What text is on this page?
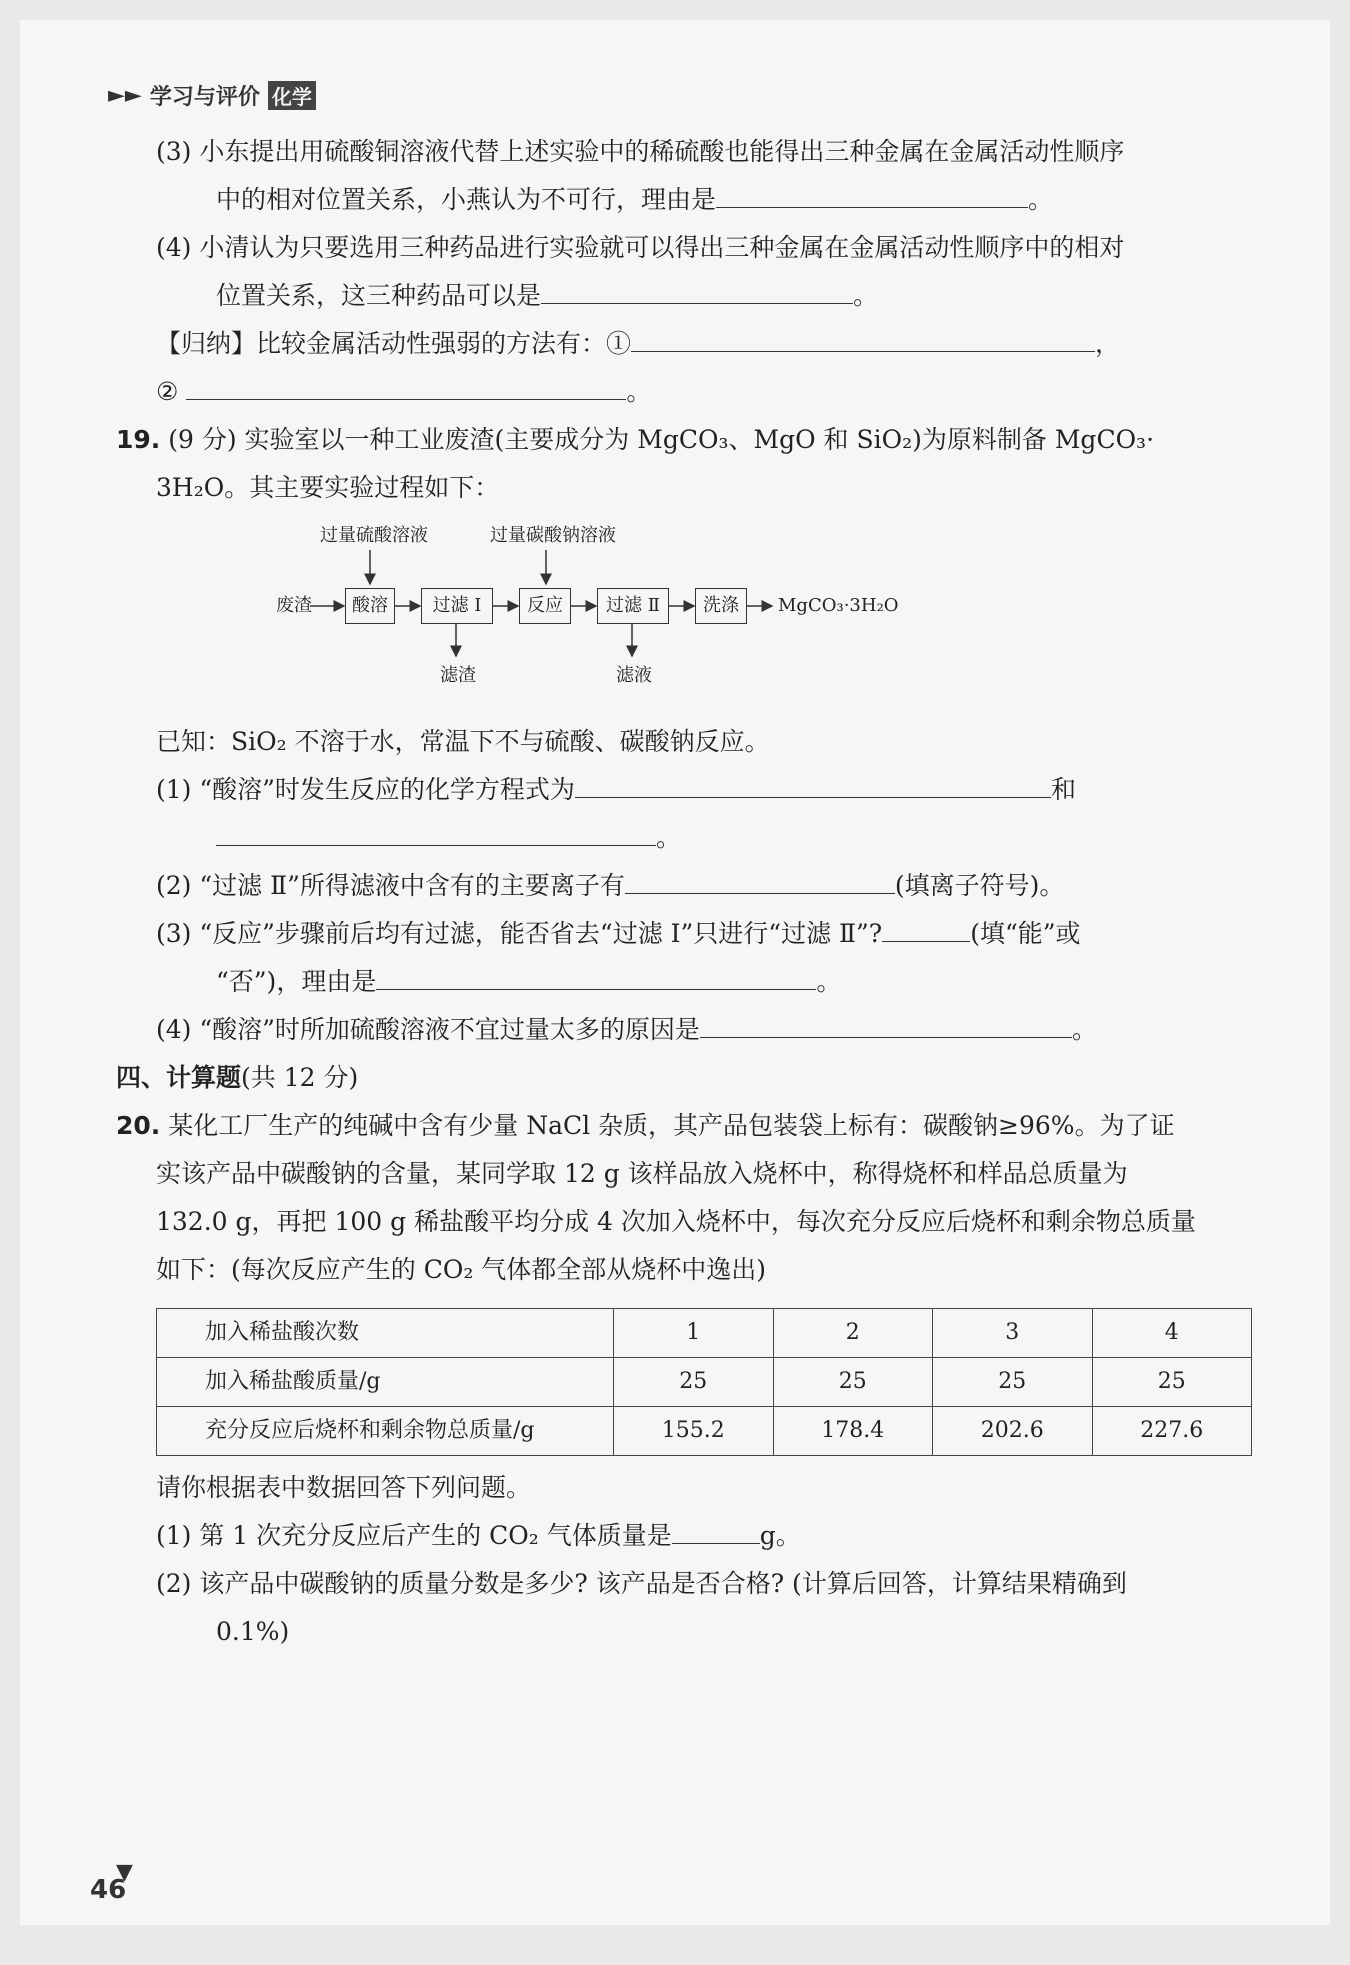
►► 学习与评价 化学
(3) 小东提出用硫酸铜溶液代替上述实验中的稀硫酸也能得出三种金属在金属活动性顺序
中的相对位置关系，小燕认为不可行，理由是	。
(4) 小清认为只要选用三种药品进行实验就可以得出三种金属在金属活动性顺序中的相对
位置关系，这三种药品可以是	。
【归纳】比较金属活动性强弱的方法有：①	，
②	。
19. (9 分) 实验室以一种工业废渣(主要成分为 MgCO₃、MgO 和 SiO₂)为原料制备 MgCO₃·
3H₂O。其主要实验过程如下：
过量硫酸溶液	过量碳酸钠溶液
废渣	酸溶	过滤 Ⅰ	反应	过滤 Ⅱ	洗涤	MgCO₃·3H₂O
滤渣	滤液
已知：SiO₂ 不溶于水，常温下不与硫酸、碳酸钠反应。
(1) “酸溶”时发生反应的化学方程式为	和
。
(2) “过滤 Ⅱ”所得滤液中含有的主要离子有	(填离子符号)。
(3) “反应”步骤前后均有过滤，能否省去“过滤 Ⅰ”只进行“过滤 Ⅱ”?	(填“能”或
“否”)，理由是	。
(4) “酸溶”时所加硫酸溶液不宜过量太多的原因是	。
四、计算题(共 12 分)
20. 某化工厂生产的纯碱中含有少量 NaCl 杂质，其产品包装袋上标有：碳酸钠≥96%。为了证
实该产品中碳酸钠的含量，某同学取 12 g 该样品放入烧杯中，称得烧杯和样品总质量为
132.0 g，再把 100 g 稀盐酸平均分成 4 次加入烧杯中，每次充分反应后烧杯和剩余物总质量
如下：(每次反应产生的 CO₂ 气体都全部从烧杯中逸出)
加入稀盐酸次数	1	2	3	4
加入稀盐酸质量/g	25	25	25	25
充分反应后烧杯和剩余物总质量/g	155.2	178.4	202.6	227.6
请你根据表中数据回答下列问题。
(1) 第 1 次充分反应后产生的 CO₂ 气体质量是	g。
(2) 该产品中碳酸钠的质量分数是多少? 该产品是否合格? (计算后回答，计算结果精确到
0.1%)
46
▼
